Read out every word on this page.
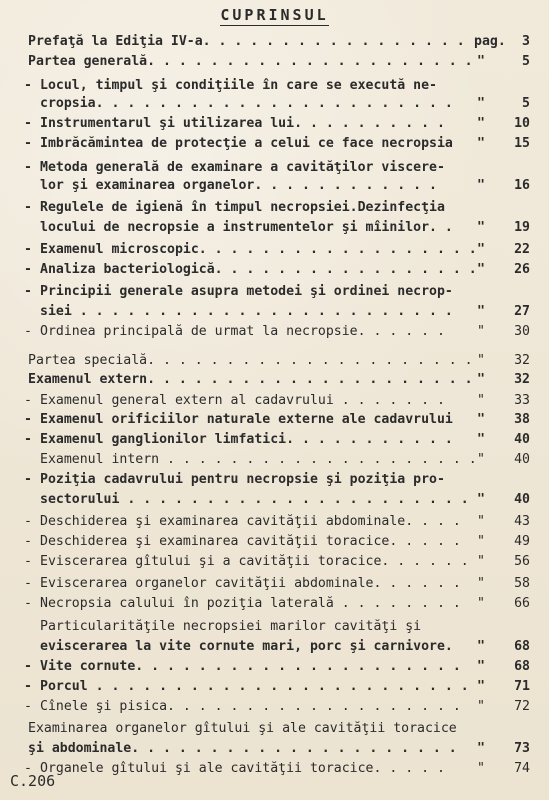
CUPRINSUL
Prefaţă la Ediţia IV-a. . . . . . . . . . . . . . . . . pag.	3
Partea generală. . . . . . . . . . . . . . . . . . . . . "	5
- Locul, timpul şi condiţiile în care se execută ne-
cropsia. . . . . . . . . . . . . . . . . . . . . . . "	5
- Instrumentarul şi utilizarea lui. . . . . . . . . . "	10
- Imbrăcămintea de protecţie a celui ce face necropsia "	15
- Metoda generală de examinare a cavităţilor viscere-
lor şi examinarea organelor. . . . . . . . . . . .	"	16
- Regulele de igienă în timpul necropsiei.Dezinfecţia
locului de necropsie a instrumentelor şi mîinilor. . "	19
- Examenul microscopic. . . . . . . . . . . . . . . . . . "	22
- Analiza bacteriologică. . . . . . . . . . . . . . . . . "	26
- Principii generale asupra metodei şi ordinei necrop-
siei . . . . . . . . . . . . . . . . . . . . . . . . "	27
- Ordinea principală de urmat la necropsie. . . . . . "	30
Partea specială. . . . . . . . . . . . . . . . . . . . . "	32
Examenul extern. . . . . . . . . . . . . . . . . . . . . "	32
- Examenul general extern al cadavrului . . . . . . . "	33
- Examenul orificiilor naturale externe ale cadavrului "	38
- Examenul ganglionilor limfatici. . . . . . . . . . . "	40
Examenul intern . . . . . . . . . . . . . . . . . . . . "	40
- Poziţia cadavrului pentru necropsie şi poziţia pro-
sectorului . . . . . . . . . . . . . . . . . . . . . . "	40
- Deschiderea şi examinarea cavităţii abdominale. . . . "	43
- Deschiderea şi examinarea cavităţii toracice. . . . . "	49
- Eviscerarea gîtului şi a cavităţii toracice. . . . . . "	56
- Eviscerarea organelor cavităţii abdominale. . . . . . "	58
- Necropsia calului în poziţia laterală . . . . . . . . "	66
Particularităţile necropsiei marilor cavităţi şi
eviscerarea la vite cornute mari, porc şi carnivore. "	68
- Vite cornute. . . . . . . . . . . . . . . . . . . . . "	68
- Porcul . . . . . . . . . . . . . . . . . . . . . . . . "	71
- Cînele şi pisica. . . . . . . . . . . . . . . . . . . "	72
Examinarea organelor gîtului şi ale cavităţii toracice
şi abdominale. . . . . . . . . . . . . . . . . . . . . "	73
- Organele gîtului şi ale cavităţii toracice. . . . . "	74
C.206
